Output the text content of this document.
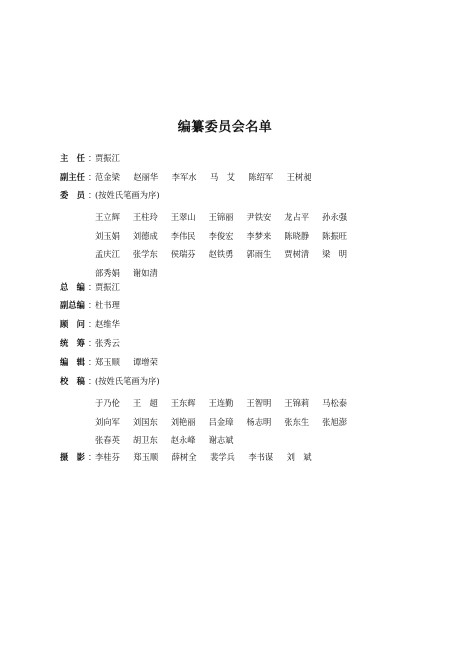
编纂委员会名单
主　任 ：
贾振江
副主任 ：
范金梁	赵丽华	李军水	马　艾	陈绍军	王树昶
委　员 ：
(按姓氏笔画为序)
王立辉	王柱玲	王翠山	王锦丽	尹铁安	龙占平	孙永强
刘玉娟	刘德成	李伟民	李俊宏	李梦来	陈晓静	陈振旺
孟庆江	张学东	侯瑞芬	赵铁勇	郭雨生	贾树清	梁　明
部秀娟	谢如清
总　编 ：
贾振江
副总编 ：
杜书理
顾　问 ：
赵维华
统　筹 ：
张秀云
编　辑 ：
郑玉顺	谭增荣
校　稿 ：
(按姓氏笔画为序)
于乃伦	王　超	王东辉	王连勤	王智明	王锦莉	马松泰
刘向军	刘国东	刘艳丽	吕金璋	杨志明	张东生	张旭澎
张春英	胡卫东	赵永峰	谢志斌
摄　影 ：
李桂芬	郑玉顺	薛树全	裴学兵	李书谋	刘　斌
